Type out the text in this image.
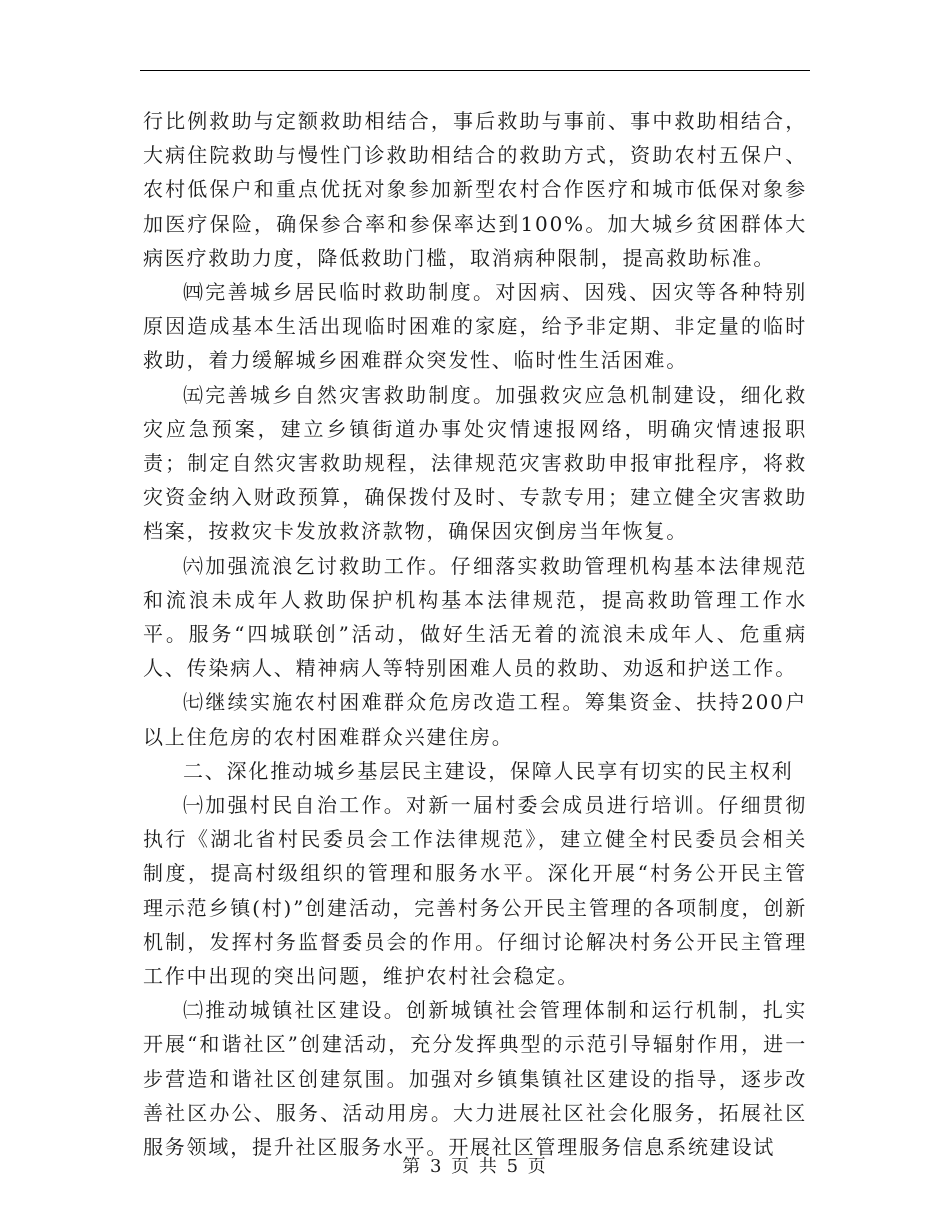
行比例救助与定额救助相结合，事后救助与事前、事中救助相结合，大病住院救助与慢性门诊救助相结合的救助方式，资助农村五保户、农村低保户和重点优抚对象参加新型农村合作医疗和城市低保对象参加医疗保险，确保参合率和参保率达到100%。加大城乡贫困群体大病医疗救助力度，降低救助门槛，取消病种限制，提高救助标准。

㈣完善城乡居民临时救助制度。对因病、因残、因灾等各种特别原因造成基本生活出现临时困难的家庭，给予非定期、非定量的临时救助，着力缓解城乡困难群众突发性、临时性生活困难。

㈤完善城乡自然灾害救助制度。加强救灾应急机制建设，细化救灾应急预案，建立乡镇街道办事处灾情速报网络，明确灾情速报职责；制定自然灾害救助规程，法律规范灾害救助申报审批程序，将救灾资金纳入财政预算，确保拨付及时、专款专用；建立健全灾害救助档案，按救灾卡发放救济款物，确保因灾倒房当年恢复。

㈥加强流浪乞讨救助工作。仔细落实救助管理机构基本法律规范和流浪未成年人救助保护机构基本法律规范，提高救助管理工作水平。服务“四城联创”活动，做好生活无着的流浪未成年人、危重病人、传染病人、精神病人等特别困难人员的救助、劝返和护送工作。

㈦继续实施农村困难群众危房改造工程。筹集资金、扶持200户以上住危房的农村困难群众兴建住房。

二、深化推动城乡基层民主建设，保障人民享有切实的民主权利

㈠加强村民自治工作。对新一届村委会成员进行培训。仔细贯彻执行《湖北省村民委员会工作法律规范》，建立健全村民委员会相关制度，提高村级组织的管理和服务水平。深化开展“村务公开民主管理示范乡镇(村)”创建活动，完善村务公开民主管理的各项制度，创新机制，发挥村务监督委员会的作用。仔细讨论解决村务公开民主管理工作中出现的突出问题，维护农村社会稳定。

㈡推动城镇社区建设。创新城镇社会管理体制和运行机制，扎实开展“和谐社区”创建活动，充分发挥典型的示范引导辐射作用，进一步营造和谐社区创建氛围。加强对乡镇集镇社区建设的指导，逐步改善社区办公、服务、活动用房。大力进展社区社会化服务，拓展社区服务领域，提升社区服务水平。开展社区管理服务信息系统建设试

第 3 页 共 5 页
